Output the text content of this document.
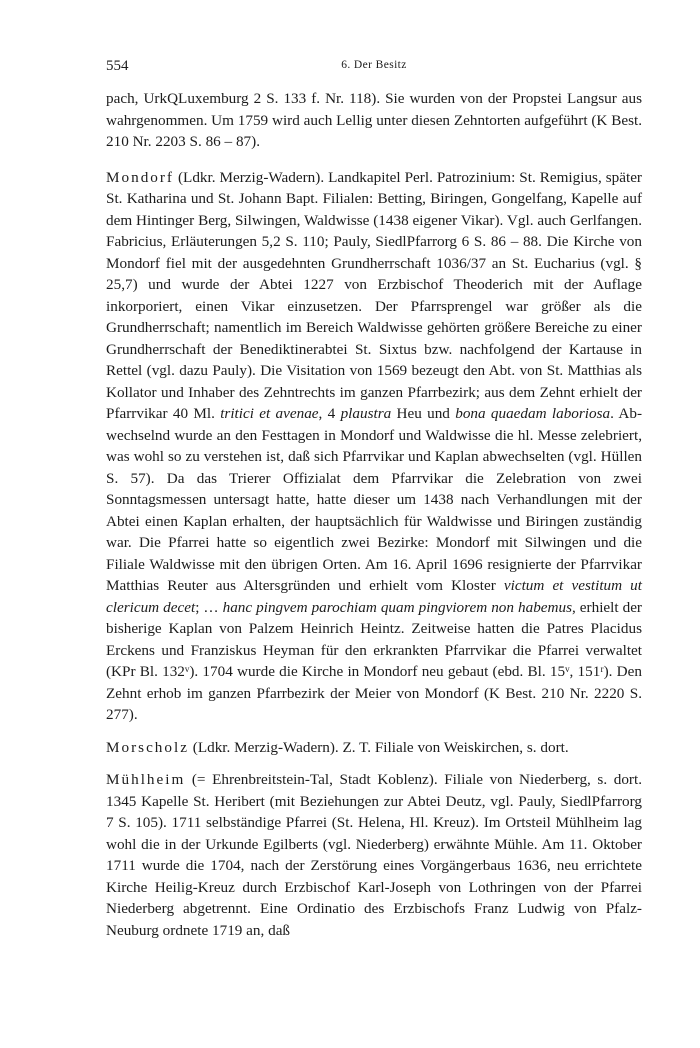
554	6. Der Besitz

pach, UrkQLuxemburg 2 S. 133 f. Nr. 118). Sie wurden von der Propstei Langsur aus wahrgenommen. Um 1759 wird auch Lellig unter diesen Zehntorten aufgeführt (K Best. 210 Nr. 2203 S. 86 – 87).

Mondorf (Ldkr. Merzig-Wadern). Landkapitel Perl. Patrozinium: St. Remigius, später St. Katharina und St. Johann Bapt. Filialen: Betting, Biringen, Gongelfang, Kapelle auf dem Hintinger Berg, Silwingen, Waldwisse (1438 eigener Vikar). Vgl. auch Gerlfangen. Fabricius, Erläuterungen 5,2 S. 110; Pauly, SiedlPfarrorg 6 S. 86 – 88. Die Kirche von Mondorf fiel mit der ausgedehnten Grundherrschaft 1036/37 an St. Eucharius (vgl. § 25,7) und wurde der Abtei 1227 von Erzbischof Theoderich mit der Auflage inkorporiert, einen Vikar einzusetzen. Der Pfarrsprengel war größer als die Grundherrschaft; namentlich im Bereich Waldwisse gehörten größere Bereiche zu einer Grundherrschaft der Benediktinerabtei St. Sixtus bzw. nachfolgend der Kartause in Rettel (vgl. dazu Pauly). Die Visitation von 1569 bezeugt den Abt. von St. Matthias als Kollator und Inhaber des Zehntrechts im ganzen Pfarrbezirk; aus dem Zehnt erhielt der Pfarrvikar 40 Ml. tritici et avenae, 4 plaustra Heu und bona quaedam laboriosa. Abwechselnd wurde an den Festtagen in Mondorf und Waldwisse die hl. Messe zelebriert, was wohl so zu verstehen ist, daß sich Pfarrvikar und Kaplan abwechselten (vgl. Hüllen S. 57). Da das Trierer Offizialat dem Pfarrvikar die Zelebration von zwei Sonntagsmessen untersagt hatte, hatte dieser um 1438 nach Verhandlungen mit der Abtei einen Kaplan erhalten, der hauptsächlich für Waldwisse und Biringen zuständig war. Die Pfarrei hatte so eigentlich zwei Bezirke: Mondorf mit Silwingen und die Filiale Waldwisse mit den übrigen Orten. Am 16. April 1696 resignierte der Pfarrvikar Matthias Reuter aus Altersgründen und erhielt vom Kloster victum et vestitum ut clericum decet; … hanc pingvem parochiam quam pingviorem non habemus, erhielt der bisherige Kaplan von Palzem Heinrich Heintz. Zeitweise hatten die Patres Placidus Erckens und Franziskus Heyman für den erkrankten Pfarrvikar die Pfarrei verwaltet (KPr Bl. 132ᵛ). 1704 wurde die Kirche in Mondorf neu gebaut (ebd. Bl. 15ᵛ, 151ʳ). Den Zehnt erhob im ganzen Pfarrbezirk der Meier von Mondorf (K Best. 210 Nr. 2220 S. 277).

Morscholz (Ldkr. Merzig-Wadern). Z. T. Filiale von Weiskirchen, s. dort.

Mühlheim (= Ehrenbreitstein-Tal, Stadt Koblenz). Filiale von Niederberg, s. dort. 1345 Kapelle St. Heribert (mit Beziehungen zur Abtei Deutz, vgl. Pauly, SiedlPfarrorg 7 S. 105). 1711 selbständige Pfarrei (St. Helena, Hl. Kreuz). Im Ortsteil Mühlheim lag wohl die in der Urkunde Egilberts (vgl. Niederberg) erwähnte Mühle. Am 11. Oktober 1711 wurde die 1704, nach der Zerstörung eines Vorgängerbaus 1636, neu errichtete Kirche Heilig-Kreuz durch Erzbischof Karl-Joseph von Lothringen von der Pfarrei Niederberg abgetrennt. Eine Ordinatio des Erzbischofs Franz Ludwig von Pfalz-Neuburg ordnete 1719 an, daß
